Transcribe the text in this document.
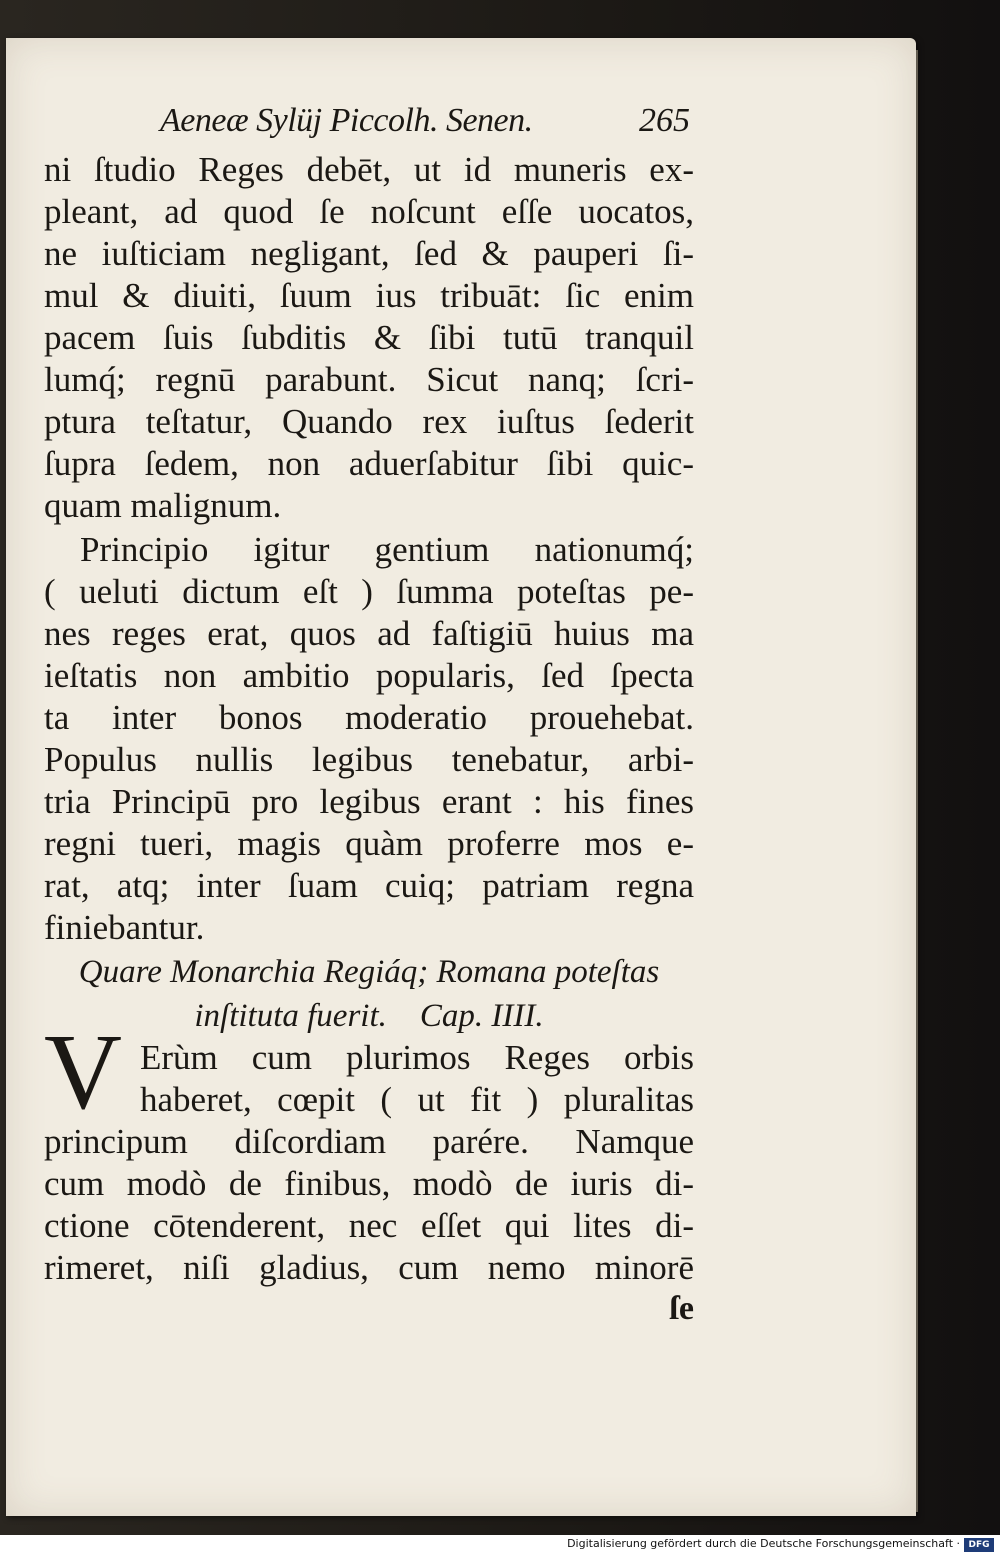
Aeneæ Sylüj Piccolh. Senen.	265
ni ſtudio Reges debēt, ut id muneris ex-
pleant, ad quod ſe noſcunt eſſe uocatos,
ne iuſticiam negligant, ſed & pauperi ſi-
mul & diuiti, ſuum ius tribuāt: ſic enim
pacem ſuis ſubditis & ſibi tutū tranquil
lumq́; regnū parabunt. Sicut nanq; ſcri-
ptura teſtatur, Quando rex iuſtus ſederit
ſupra ſedem, non aduerſabitur ſibi quic-
quam malignum.
Principio igitur gentium nationumq́;
( ueluti dictum eſt ) ſumma poteſtas pe-
nes reges erat, quos ad faſtigiū huius ma
ieſtatis non ambitio popularis, ſed ſpecta
ta inter bonos moderatio prouehebat.
Populus nullis legibus tenebatur, arbi-
tria Principū pro legibus erant : his fines
regni tueri, magis quàm proferre mos e-
rat, atq; inter ſuam cuiq; patriam regna
finiebantur.
Quare Monarchia Regiáq; Romana poteſtas
inſtituta fuerit.    Cap. IIII.
V Erùm cum plurimos Reges orbis
haberet, cœpit ( ut fit ) pluralitas
principum diſcordiam parére. Namque
cum modò de finibus, modò de iuris di-
ctione cōtenderent, nec eſſet qui lites di-
rimeret, niſi gladius, cum nemo minorē
ſe
Digitalisierung gefördert durch die Deutsche Forschungsgemeinschaft · DFG
